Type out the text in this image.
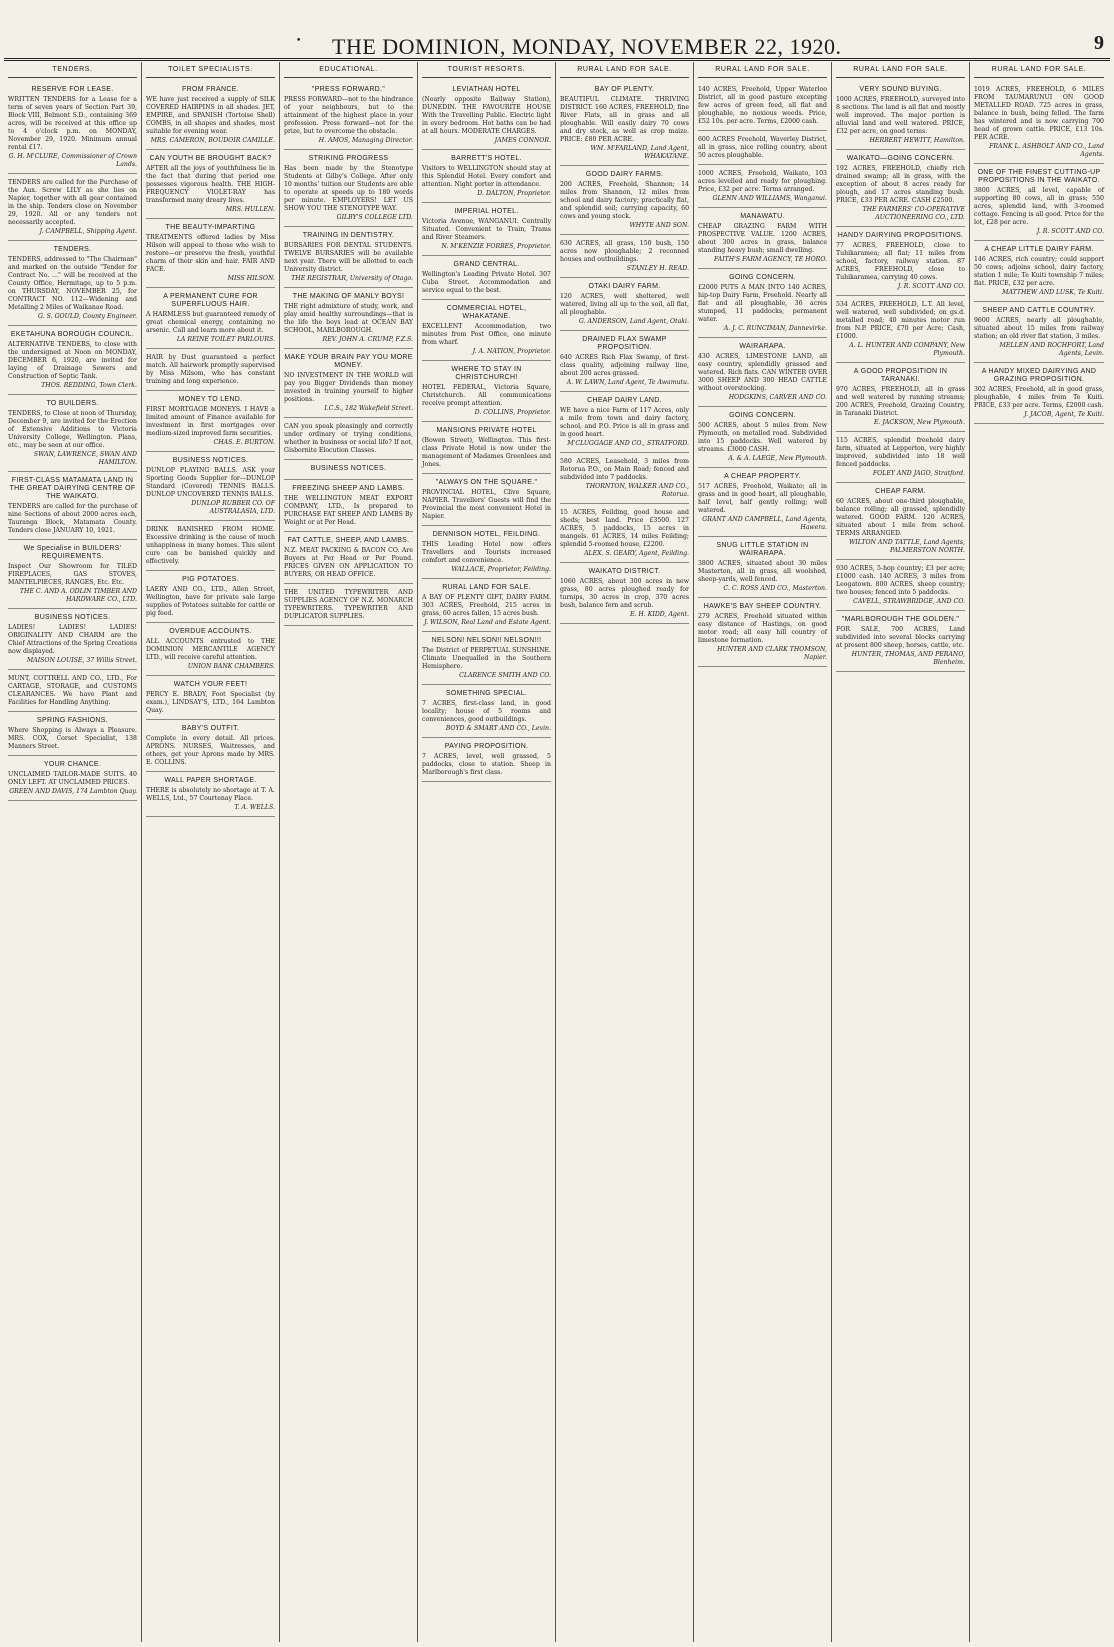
• THE DOMINION, MONDAY, NOVEMBER 22, 1920.	9
TENDERS.
RESERVE FOR LEASE.
WRITTEN TENDERS for a Lease for a term of seven years of Section Part 39, Block VIII, Belmont S.D., containing 369 acres, will be received at this office up to 4 o'clock p.m. on MONDAY, November 29, 1920. Minimum annual rental £17.
G. H. M'CLURE, Commissioner of Crown Lands.
TENDERS are called for the Purchase of the Aux. Screw LILY as she lies on Napier, together with all gear contained in the ship. Tenders close on November 29, 1920. All or any tenders not necessarily accepted.
J. CAMPBELL, Shipping Agent.
TENDERS.
TENDERS, addressed to "The Chairman" and marked on the outside "Tender for Contract No. ..." will be received at the County Office, Hermitage, up to 5 p.m. on THURSDAY, NOVEMBER 25, for CONTRACT NO. 112—Widening and Metalling 2 Miles of Waikanae Road.
G. S. GOULD, County Engineer.
EKETAHUNA BOROUGH COUNCIL.
ALTERNATIVE TENDERS, to close with the undersigned at Noon on MONDAY, DECEMBER 6, 1920, are invited for laying of Drainage Sewers and Construction of Septic Tank.
THOS. REDDING, Town Clerk.
TO BUILDERS.
TENDERS, to Close at noon of Thursday, December 9, are invited for the Erection of Extensive Additions to Victoria University College, Wellington. Plans, etc., may be seen at our office.
SWAN, LAWRENCE, SWAN AND HAMILTON.
FIRST-CLASS MATAMATA LAND IN THE GREAT DAIRYING CENTRE OF THE WAIKATO.
TENDERS are called for the purchase of nine Sections of about 2000 acres each, Tauranga Block, Matamata County. Tenders close JANUARY 10, 1921.
We Specialise in BUILDERS' REQUIREMENTS.
Inspect Our Showroom for TILED FIREPLACES, GAS STOVES, MANTELPIECES, RANGES, Etc. Etc.
THE C. AND A. ODLIN TIMBER AND HARDWARE CO., LTD.
BUSINESS NOTICES.
LADIES! LADIES! LADIES! ORIGINALITY AND CHARM are the Chief Attractions of the Spring Creations now displayed.
MAISON LOUISE, 37 Willis Street.
MUNT, COTTRELL AND CO., LTD., For CARTAGE, STORAGE, and CUSTOMS CLEARANCES. We have Plant and Facilities for Handling Anything.
SPRING FASHIONS.
Where Shopping is Always a Pleasure. MRS. COX, Corset Specialist, 138 Manners Street.
YOUR CHANCE.
UNCLAIMED TAILOR-MADE SUITS. 40 ONLY LEFT. AT UNCLAIMED PRICES.
GREEN AND DAVIS, 174 Lambton Quay.
TOILET SPECIALISTS.
FROM FRANCE.
WE have just received a supply of SILK COVERED HAIRPINS in all shades. JET, EMPIRE, and SPANISH (Tortoise Shell) COMBS, in all shapes and shades, most suitable for evening wear.
MRS. CAMERON, BOUDOIR CAMILLE.
CAN YOUTH BE BROUGHT BACK?
AFTER all the joys of youthfulness lie in the fact that during that period one possesses vigorous health. THE HIGH-FREQUENCY VIOLET-RAY has transformed many dreary lives.
MRS. HULLEN.
THE BEAUTY-IMPARTING
TREATMENTS offered ladies by Miss Hilson will appeal to those who wish to restore—or preserve the fresh, youthful charm of their skin and hair. FAIR AND FACE.
MISS HILSON.
A PERMANENT CURE FOR SUPERFLUOUS HAIR.
A HARMLESS but guaranteed remedy of great chemical energy, containing no arsenic. Call and learn more about it.
LA REINE TOILET PARLOURS.
HAIR by Dust guaranteed a perfect match. All hairwork promptly supervised by Miss Milsom, who has constant training and long experience.
MONEY TO LEND.
FIRST MORTGAGE MONEYS. I HAVE a limited amount of Finance available for investment in first mortgages over medium-sized improved farm securities.
CHAS. E. BURTON.
BUSINESS NOTICES.
DUNLOP PLAYING BALLS. ASK your Sporting Goods Supplier for—DUNLOP Standard (Covered) TENNIS BALLS. DUNLOP UNCOVERED TENNIS BALLS.
DUNLOP RUBBER CO. OF AUSTRALASIA, LTD.
DRINK BANISHED FROM HOME. Excessive drinking is the cause of much unhappiness in many homes. This silent cure can be banished quickly and effectively.
PIG POTATOES.
LAERY AND CO., LTD., Allen Street, Wellington, have for private sale large supplies of Potatoes suitable for cattle or pig feed.
OVERDUE ACCOUNTS.
ALL ACCOUNTS entrusted to THE DOMINION MERCANTILE AGENCY LTD., will receive careful attention.
UNION BANK CHAMBERS.
WATCH YOUR FEET!
PERCY E. BRADY, Foot Specialist (by exam.), LINDSAY'S, LTD., 164 Lambton Quay.
BABY'S OUTFIT.
Complete in every detail. All prices. APRONS. NURSES, Waitresses, and others, get your Aprons made by MRS. E. COLLINS.
WALL PAPER SHORTAGE.
THERE is absolutely no shortage at T. A. WELLS, Ltd., 57 Courtenay Place.
T. A. WELLS.
EDUCATIONAL.
"PRESS FORWARD."
PRESS FORWARD—not to the hindrance of your neighbours, but to the attainment of the highest place in your profession. Press forward—not for the prize, but to overcome the obstacle.
H. AMOS, Managing Director.
STRIKING PROGRESS
Has been made by the Stenotype Students at Gilby's College. After only 10 months' tuition our Students are able to operate at speeds up to 180 words per minute. EMPLOYERS! LET US SHOW YOU THE STENOTYPE WAY.
GILBY'S COLLEGE LTD.
TRAINING IN DENTISTRY.
BURSARIES FOR DENTAL STUDENTS. TWELVE BURSARIES will be available next year. There will be allotted to each University district.
THE REGISTRAR, University of Otago.
THE MAKING OF MANLY BOYS!
THE right admixture of study, work, and play amid healthy surroundings—that is the life the boys lead at OCEAN BAY SCHOOL, MARLBOROUGH.
REV. JOHN A. CRUMP, F.Z.S.
MAKE YOUR BRAIN PAY YOU MORE MONEY.
NO INVESTMENT IN THE WORLD will pay you Bigger Dividends than money invested in training yourself to higher positions.
I.C.S., 182 Wakefield Street.
CAN you speak pleasingly and correctly under ordinary or trying conditions, whether in business or social life? If not, Gisbornite Elocution Classes.
BUSINESS NOTICES.
FREEZING SHEEP AND LAMBS.
THE WELLINGTON MEAT EXPORT COMPANY, LTD., Is prepared to PURCHASE FAT SHEEP AND LAMBS By Weight or at Per Head.
FAT CATTLE, SHEEP, AND LAMBS.
N.Z. MEAT PACKING & BACON CO. Are Buyers at Per Head or Per Pound. PRICES GIVEN ON APPLICATION TO BUYERS, OR HEAD OFFICE.
THE UNITED TYPEWRITER AND SUPPLIES AGENCY OF N.Z. MONARCH TYPEWRITERS. TYPEWRITER AND DUPLICATOR SUPPLIES.
TOURIST RESORTS.
LEVIATHAN HOTEL
(Nearly opposite Railway Station), DUNEDIN. THE FAVOURITE HOUSE With the Travelling Public. Electric light in every bedroom. Hot baths can be had at all hours. MODERATE CHARGES.
JAMES CONNOR.
BARRETT'S HOTEL.
Visitors to WELLINGTON should stay at this Splendid Hotel. Every comfort and attention. Night porter in attendance.
D. DALTON, Proprietor.
IMPERIAL HOTEL.
Victoria Avenue, WANGANUI. Centrally Situated. Convenient to Train, Trams and River Steamers.
N. M'KENZIE FORBES, Proprietor.
GRAND CENTRAL.
Wellington's Leading Private Hotel. 307 Cuba Street. Accommodation and service equal to the best.
COMMERCIAL HOTEL, WHAKATANE.
EXCELLENT Accommodation, two minutes from Post Office, one minute from wharf.
J. A. NATION, Proprietor.
WHERE TO STAY IN CHRISTCHURCH!
HOTEL FEDERAL, Victoria Square, Christchurch. All communications receive prompt attention.
D. COLLINS, Proprietor.
MANSIONS PRIVATE HOTEL
(Bowen Street), Wellington. This first-class Private Hotel is now under the management of Madames Greenlees and Jones.
"ALWAYS ON THE SQUARE."
PROVINCIAL HOTEL, Clive Square, NAPIER. Travellers' Guests will find the Provincial the most convenient Hotel in Napier.
DENNISON HOTEL, FEILDING.
THIS Leading Hotel now offers Travellers and Tourists increased comfort and convenience.
WALLACE, Proprietor, Feilding.
RURAL LAND FOR SALE.
A BAY OF PLENTY GIFT, DAIRY FARM. 303 ACRES, Freehold, 215 acres in grass, 60 acres fallen, 15 acres bush.
J. WILSON, Real Land and Estate Agent.
NELSON! NELSON!! NELSON!!!
The District of PERPETUAL SUNSHINE. Climate Unequalled in the Southern Hemisphere.
CLARENCE SMITH AND CO.
SOMETHING SPECIAL.
7 ACRES, first-class land, in good locality; house of 5 rooms and conveniences, good outbuildings.
BOYD & SMART AND CO., Levin.
PAYING PROPOSITION.
7 ACRES, level, well grassed, 5 paddocks, close to station. Sheep in Marlborough's first class.
RURAL LAND FOR SALE.
BAY OF PLENTY.
BEAUTIFUL CLIMATE. THRIVING DISTRICT. 160 ACRES, FREEHOLD, fine River Flats, all in grass and all ploughable. Will easily dairy 70 cows and dry stock, as well as crop maize. PRICE: £80 PER ACRE.
WM. M'FARLAND, Land Agent, WHAKATANE.
GOOD DAIRY FARMS.
200 ACRES, Freehold, Shannon; 14 miles from Shannon, 12 miles from school and dairy factory; practically flat, and splendid soil; carrying capacity, 60 cows and young stock.
WHYTE AND SON.
630 ACRES, all grass, 150 bush, 150 acres now ploughable; 2 reconned houses and outbuildings.
STANLEY H. READ.
OTAKI DAIRY FARM.
120 ACRES, well sheltered, well watered, living all up to the soil, all flat, all ploughable.
G. ANDERSON, Land Agent, Otaki.
DRAINED FLAX SWAMP PROPOSITION.
640 ACRES Rich Flax Swamp, of first-class quality, adjoining railway line, about 200 acres grassed.
A. W. LAWN, Land Agent, Te Awamutu.
CHEAP DAIRY LAND.
WE have a nice Farm of 117 Acres, only a mile from town and dairy factory, school, and P.O. Price is all in grass and in good heart.
M'CLUGGAGE AND CO., STRATFORD.
580 ACRES, Leasehold, 3 miles from Rotorua P.O., on Main Road; fenced and subdivided into 7 paddocks.
THORNTON, WALKER AND CO., Rotorua.
15 ACRES, Feilding, good house and sheds; best land. Price £3500. 127 ACRES, 5 paddocks, 15 acres in mangels. 61 ACRES, 14 miles Feilding; splendid 5-roomed house, £2200.
ALEX. S. GEARY, Agent, Feilding.
WAIKATO DISTRICT.
1060 ACRES, about 300 acres in new grass, 80 acres ploughed ready for turnips, 30 acres in crop, 370 acres bush, balance fern and scrub.
E. H. KIDD, Agent.
RURAL LAND FOR SALE.
140 ACRES, Freehold, Upper Waterloo District, all in good pasture excepting few acres of green feed, all flat and ploughable, no noxious weeds. Price, £52 10s. per acre. Terms, £2000 cash.
600 ACRES Freehold, Waverley District, all in grass, nice rolling country, about 50 acres ploughable.
1000 ACRES, Freehold, Waikato, 103 acres levelled and ready for ploughing. Price, £32 per acre. Terms arranged.
GLENN AND WILLIAMS, Wanganui.
MANAWATU.
CHEAP GRAZING FARM WITH PROSPECTIVE VALUE. 1200 ACRES, about 300 acres in grass, balance standing heavy bush; small dwelling.
FAITH'S FARM AGENCY, TE HORO.
GOING CONCERN.
£2000 PUTS A MAN INTO 140 ACRES, hip-top Dairy Farm, Freehold. Nearly all flat and all ploughable, 36 acres stumped, 11 paddocks, permanent water.
A. J. C. RUNCIMAN, Dannevirke.
WAIRARAPA.
430 ACRES, LIMESTONE LAND, all easy country, splendidly grassed and watered. Rich flats. CAN WINTER OVER 3000 SHEEP AND 300 HEAD CATTLE without overstocking.
HODGKINS, CARVER AND CO.
GOING CONCERN.
500 ACRES, about 5 miles from New Plymouth, on metalled road. Subdivided into 15 paddocks. Well watered by streams. £3000 CASH.
A. & A. LAEGE, New Plymouth.
A CHEAP PROPERTY.
517 ACRES, Freehold, Waikato; all in grass and in good heart, all ploughable, half level, half gently rolling; well watered.
GRANT AND CAMPBELL, Land Agents, Hawera.
SNUG LITTLE STATION IN WAIRARAPA.
3800 ACRES, situated about 30 miles Masterton, all in grass, all woolshed, sheep-yards, well fenced.
C. C. ROSS AND CO., Masterton.
HAWKE'S BAY SHEEP COUNTRY.
279 ACRES, Freehold situated within easy distance of Hastings, on good motor road; all easy hill country of limestone formation.
HUNTER AND CLARK THOMSON, Napier.
RURAL LAND FOR SALE.
VERY SOUND BUYING.
1000 ACRES, FREEHOLD, surveyed into 8 sections. The land is all flat and mostly well improved. The major portion is alluvial land and well watered. PRICE, £32 per acre, on good terms.
HERBERT HEWITT, Hamilton.
WAIKATO—GOING CONCERN.
192 ACRES, FREEHOLD, chiefly rich drained swamp; all in grass, with the exception of about 8 acres ready for plough, and 17 acres standing bush. PRICE, £33 PER ACRE. CASH £2500.
THE FARMERS' CO-OPERATIVE AUCTIONEERING CO., LTD.
HANDY DAIRYING PROPOSITIONS.
77 ACRES, FREEHOLD, close to Tuhikaramea; all flat; 11 miles from school, factory, railway station. 87 ACRES, FREEHOLD, close to Tuhikaramea, carrying 40 cows.
J. R. SCOTT AND CO.
534 ACRES, FREEHOLD, L.T. All level, well watered, well subdivided; on gs.d. metalled road; 40 minutes motor run from N.P. PRICE, £70 per Acre; Cash, £1000.
A. L. HUNTER AND COMPANY, New Plymouth.
A GOOD PROPOSITION IN TARANAKI.
970 ACRES, FREEHOLD, all in grass and well watered by running streams; 200 ACRES, Freehold, Grazing Country, in Taranaki District.
E. JACKSON, New Plymouth.
115 ACRES, splendid freehold dairy farm, situated at Lepperton, very highly improved, subdivided into 18 well fenced paddocks.
FOLEY AND JAGO, Stratford.
CHEAP FARM.
60 ACRES, about one-third ploughable, balance rolling; all grassed, splendidly watered. GOOD FARM. 120 ACRES, situated about 1 mile from school. TERMS ARRANGED.
WILTON AND TATTLE, Land Agents, PALMERSTON NORTH.
930 ACRES, 5-hop country; £3 per acre; £1000 cash. 140 ACRES, 3 miles from Leogatown. 800 ACRES, sheep country; two houses; fenced into 5 paddocks.
CAVELL, STRAWBRIDGE, AND CO.
"MARLBOROUGH THE GOLDEN."
FOR SALE, 700 ACRES, Land subdivided into several blocks carrying at present 800 sheep, horses, cattle, etc.
HUNTER, THOMAS, AND PERANO, Blenheim.
RURAL LAND FOR SALE.
1019 ACRES, FREEHOLD, 6 MILES FROM TAUMARUNUI ON GOOD METALLED ROAD. 725 acres in grass, balance in bush, being felled. The farm has wintered and is now carrying 700 head of grown cattle. PRICE, £13 10s. PER ACRE.
FRANK L. ASHBOLT AND CO., Land Agents.
ONE OF THE FINEST CUTTING-UP PROPOSITIONS IN THE WAIKATO.
3800 ACRES, all level, capable of supporting 80 cows, all in grass; 550 acres, splendid land, with 3-roomed cottage. Fencing is all good. Price for the lot, £28 per acre.
J. R. SCOTT AND CO.
A CHEAP LITTLE DAIRY FARM.
146 ACRES, rich country; could support 50 cows; adjoins school, dairy factory, station 1 mile; Te Kuiti township 7 miles; flat. PRICE, £32 per acre.
MATTHEW AND LUSK, Te Kuiti.
SHEEP AND CATTLE COUNTRY.
9600 ACRES, nearly all ploughable, situated about 15 miles from railway station; an old river flat station, 3 miles.
MELLEN AND ROCHFORT, Land Agents, Levin.
A HANDY MIXED DAIRYING AND GRAZING PROPOSITION.
302 ACRES, Freehold, all in good grass, ploughable, 4 miles from Te Kuiti. PRICE, £33 per acre. Terms, £2000 cash.
J. JACOB, Agent, Te Kuiti.
